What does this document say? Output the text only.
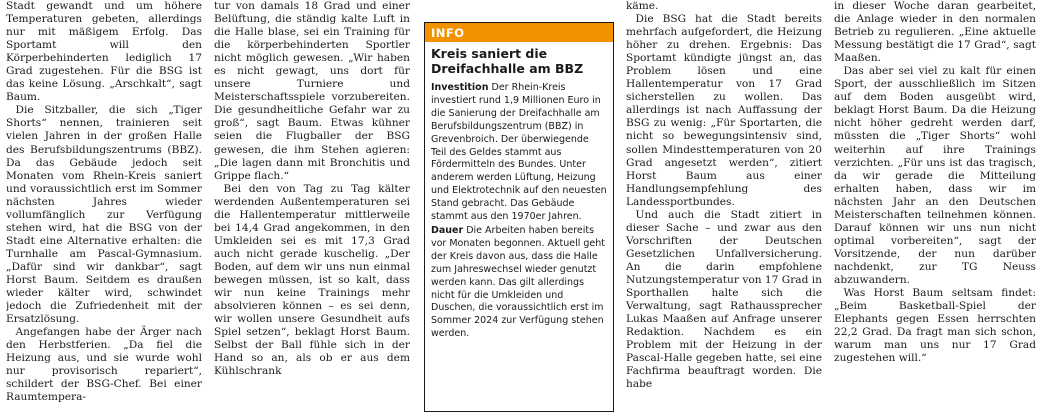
Stadt gewandt und um höhere Temperaturen gebeten, allerdings nur mit mäßigem Erfolg. Das Sportamt will den Körperbehinderten lediglich 17 Grad zugestehen. Für die BSG ist das keine Lösung. „Arschkalt“, sagt Baum.

Die Sitzballer, die sich „Tiger Shorts“ nennen, trainieren seit vielen Jahren in der großen Halle des Berufsbildungszentrums (BBZ). Da das Gebäude jedoch seit Monaten vom Rhein-Kreis saniert und voraussichtlich erst im Sommer nächsten Jahres wieder vollumfänglich zur Verfügung stehen wird, hat die BSG von der Stadt eine Alternative erhalten: die Turnhalle am Pascal-Gymnasium. „Dafür sind wir dankbar“, sagt Horst Baum. Seitdem es draußen wieder kälter wird, schwindet jedoch die Zufriedenheit mit der Ersatzlösung.

Angefangen habe der Ärger nach den Herbstferien. „Da fiel die Heizung aus, und sie wurde wohl nur provisorisch repariert“, schildert der BSG-Chef. Bei einer Raumtempera-

tur von damals 18 Grad und einer Belüftung, die ständig kalte Luft in die Halle blase, sei ein Training für die körperbehinderten Sportler nicht möglich gewesen. „Wir haben es nicht gewagt, uns dort für unsere Turniere und Meisterschaftsspiele vorzubereiten. Die gesundheitliche Gefahr war zu groß“, sagt Baum. Etwas kühner seien die Flugballer der BSG gewesen, die ihm Stehen agieren: „Die lagen dann mit Bronchitis und Grippe flach.“

Bei den von Tag zu Tag kälter werdenden Außentemperaturen sei die Hallentemperatur mittlerweile bei 14,4 Grad angekommen, in den Umkleiden sei es mit 17,3 Grad auch nicht gerade kuschelig. „Der Boden, auf dem wir uns nun einmal bewegen müssen, ist so kalt, dass wir nun keine Trainings mehr absolvieren können – es sei denn, wir wollen unsere Gesundheit aufs Spiel setzen“, beklagt Horst Baum. Selbst der Ball fühle sich in der Hand so an, als ob er aus dem Kühlschrank

INFO
Kreis saniert die Dreifachhalle am BBZ

Investition Der Rhein-Kreis investiert rund 1,9 Millionen Euro in die Sanierung der Dreifachhalle am Berufsbildungszentrum (BBZ) in Grevenbroich. Der überwiegende Teil des Geldes stammt aus Fördermitteln des Bundes. Unter anderem werden Lüftung, Heizung und Elektrotechnik auf den neuesten Stand gebracht. Das Gebäude stammt aus den 1970er Jahren.

Dauer Die Arbeiten haben bereits vor Monaten begonnen. Aktuell geht der Kreis davon aus, dass die Halle zum Jahreswechsel wieder genutzt werden kann. Das gilt allerdings nicht für die Umkleiden und Duschen, die voraussichtlich erst im Sommer 2024 zur Verfügung stehen werden.

käme.

Die BSG hat die Stadt bereits mehrfach aufgefordert, die Heizung höher zu drehen. Ergebnis: Das Sportamt kündigte jüngst an, das Problem lösen und eine Hallentemperatur von 17 Grad sicherstellen zu wollen. Das allerdings ist nach Auffassung der BSG zu wenig: „Für Sportarten, die nicht so bewegungsintensiv sind, sollen Mindesttemperaturen von 20 Grad angesetzt werden“, zitiert Horst Baum aus einer Handlungsempfehlung des Landessportbundes.

Und auch die Stadt zitiert in dieser Sache – und zwar aus den Vorschriften der Deutschen Gesetzlichen Unfallversicherung. An die darin empfohlene Nutzungstemperatur von 17 Grad in Sporthallen halte sich die Verwaltung, sagt Rathaussprecher Lukas Maaßen auf Anfrage unserer Redaktion. Nachdem es ein Problem mit der Heizung in der Pascal-Halle gegeben hatte, sei eine Fachfirma beauftragt worden. Die habe

in dieser Woche daran gearbeitet, die Anlage wieder in den normalen Betrieb zu regulieren. „Eine aktuelle Messung bestätigt die 17 Grad“, sagt Maaßen.

Das aber sei viel zu kalt für einen Sport, der ausschließlich im Sitzen auf dem Boden ausgeübt wird, beklagt Horst Baum. Da die Heizung nicht höher gedreht werden darf, müssten die „Tiger Shorts“ wohl weiterhin auf ihre Trainings verzichten. „Für uns ist das tragisch, da wir gerade die Mitteilung erhalten haben, dass wir im nächsten Jahr an den Deutschen Meisterschaften teilnehmen können. Darauf können wir uns nun nicht optimal vorbereiten“, sagt der Vorsitzende, der nun darüber nachdenkt, zur TG Neuss abzuwandern.

Was Horst Baum seltsam findet: „Beim Basketball-Spiel der Elephants gegen Essen herrschten 22,2 Grad. Da fragt man sich schon, warum man uns nur 17 Grad zugestehen will.“
